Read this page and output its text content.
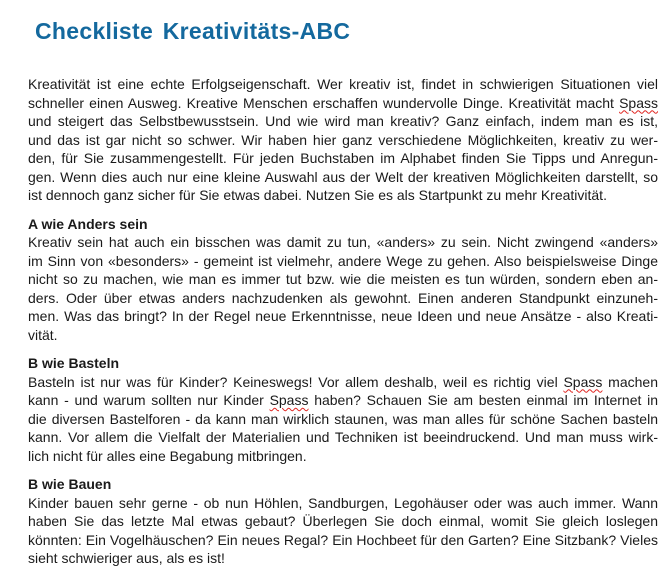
Checkliste Kreativitäts-ABC
Kreativität ist eine echte Erfolgseigenschaft. Wer kreativ ist, findet in schwierigen Situationen viel
schneller einen Ausweg. Kreative Menschen erschaffen wundervolle Dinge. Kreativität macht Spass
und steigert das Selbstbewusstsein. Und wie wird man kreativ? Ganz einfach, indem man es ist,
und das ist gar nicht so schwer. Wir haben hier ganz verschiedene Möglichkeiten, kreativ zu wer-
den, für Sie zusammengestellt. Für jeden Buchstaben im Alphabet finden Sie Tipps und Anregun-
gen. Wenn dies auch nur eine kleine Auswahl aus der Welt der kreativen Möglichkeiten darstellt, so
ist dennoch ganz sicher für Sie etwas dabei. Nutzen Sie es als Startpunkt zu mehr Kreativität.
A wie Anders sein
Kreativ sein hat auch ein bisschen was damit zu tun, «anders» zu sein. Nicht zwingend «anders»
im Sinn von «besonders» - gemeint ist vielmehr, andere Wege zu gehen. Also beispielsweise Dinge
nicht so zu machen, wie man es immer tut bzw. wie die meisten es tun würden, sondern eben an-
ders. Oder über etwas anders nachzudenken als gewohnt. Einen anderen Standpunkt einzuneh-
men. Was das bringt? In der Regel neue Erkenntnisse, neue Ideen und neue Ansätze - also Kreati-
vität.
B wie Basteln
Basteln ist nur was für Kinder? Keineswegs! Vor allem deshalb, weil es richtig viel Spass machen
kann - und warum sollten nur Kinder Spass haben? Schauen Sie am besten einmal im Internet in
die diversen Bastelforen - da kann man wirklich staunen, was man alles für schöne Sachen basteln
kann. Vor allem die Vielfalt der Materialien und Techniken ist beeindruckend. Und man muss wirk-
lich nicht für alles eine Begabung mitbringen.
B wie Bauen
Kinder bauen sehr gerne - ob nun Höhlen, Sandburgen, Legohäuser oder was auch immer. Wann
haben Sie das letzte Mal etwas gebaut? Überlegen Sie doch einmal, womit Sie gleich loslegen
könnten: Ein Vogelhäuschen? Ein neues Regal? Ein Hochbeet für den Garten? Eine Sitzbank? Vieles
sieht schwieriger aus, als es ist!
